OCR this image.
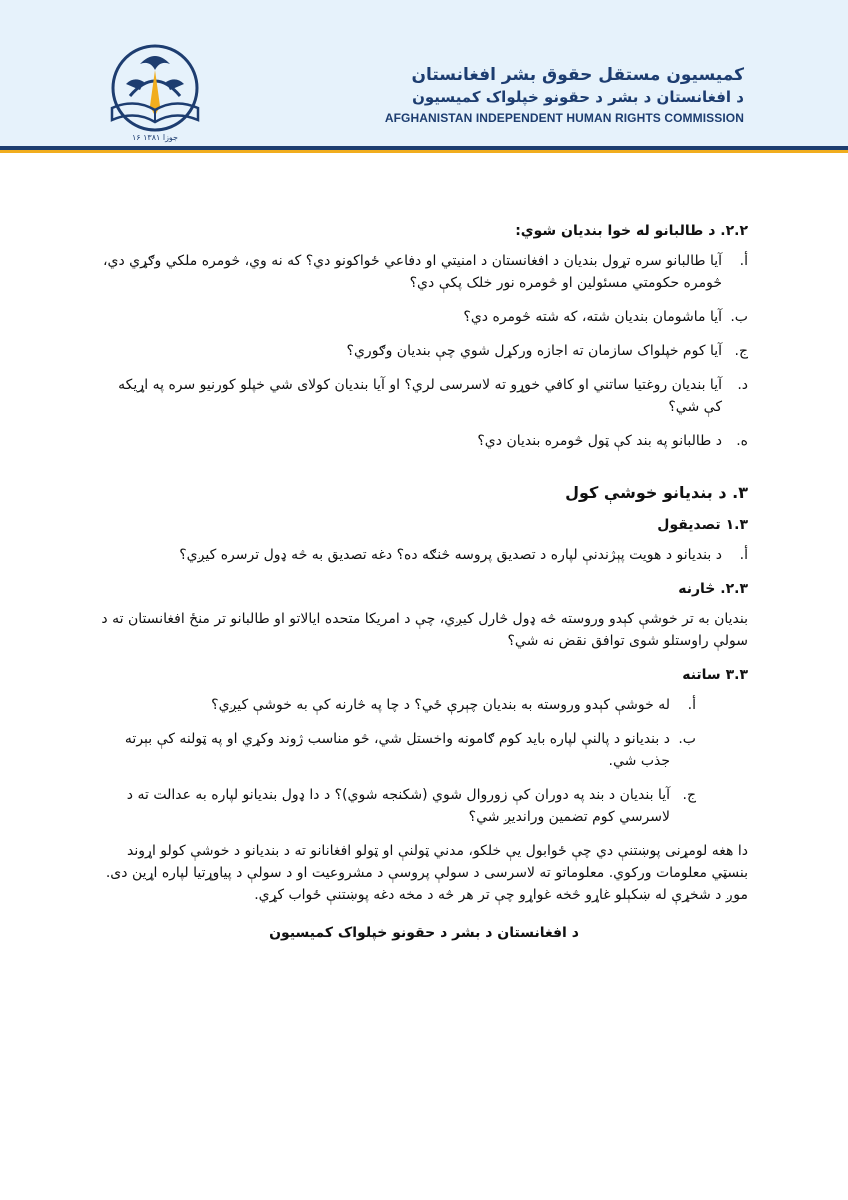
۱۶ جوزا ۱۳۸۱
کمیسیون مستقل حقوق بشر افغانستان
د افغانستان د بشر د حقونو خپلواک کمیسیون
AFGHANISTAN INDEPENDENT HUMAN RIGHTS COMMISSION
۲.۲. د طالبانو له خوا بندیان شوي:
أ.
آیا طالبانو سره تړول بندیان د افغانستان د امنیتي او دفاعي ځواکونو دي؟ که نه وي، څومره ملکي وګړي دي، څومره حکومتي مسئولین او څومره نور خلک پکې دي؟
ب.
آیا ماشومان بندیان شته، که شته څومره دي؟
ج.
آیا کوم خپلواک سازمان ته اجازه ورکړل شوي چې بندیان وګوري؟
د.
آیا بندیان روغتیا ساتني او کافي خوړو ته لاسرسی لري؟ او آیا بندیان کولای شي خپلو کورنیو سره په اړیکه کې شي؟
ه.
د طالبانو په بند کې ټول څومره بندیان دي؟
۳. د بندیانو خوشې کول
۱.۳ تصدیقول
أ.
د بندیانو د هویت پېژندنې لپاره د تصدیق پروسه څنګه ده؟ دغه تصدیق به څه ډول ترسره کیږي؟
۲.۳. څارنه
بندیان به تر خوشې کېدو وروسته څه ډول څارل کیږي، چې د امریکا متحده ایالاتو او طالبانو تر منځ افغانستان ته د سولې راوستلو شوی توافق نقض نه شي؟
۳.۳ ساتنه
أ.
له خوشې کېدو وروسته به بندیان چېرې ځي؟ د چا په څارنه کې به خوشې کیږي؟
ب.
د بندیانو د پالنې لپاره باید کوم ګامونه واخستل شي، څو مناسب ژوند وکړي او په ټولنه کې بېرته جذب شي.
ج.
آیا بندیان د بند په دوران کې زوروال شوي (شکنجه شوي)؟ د دا ډول بندیانو لپاره به عدالت ته د لاسرسي کوم تضمین ورانديږ شي؟
دا هغه لومړنی پوښتنې دي چې ځوابول یې خلکو، مدني ټولنې او ټولو افغانانو ته د بندیانو د خوشې کولو اړوند بنسټي معلومات ورکوي. معلوماتو ته لاسرسی د سولې پروسې د مشروعیت او د سولې د پیاوړتیا لپاره اړین دی. موږ د شخړې له ښکېلو غاړو څخه غواړو چې تر هر څه د مخه دغه پوښتنې ځواب کړي.
د افغانستان د بشر د حقونو خپلواک کمیسیون
